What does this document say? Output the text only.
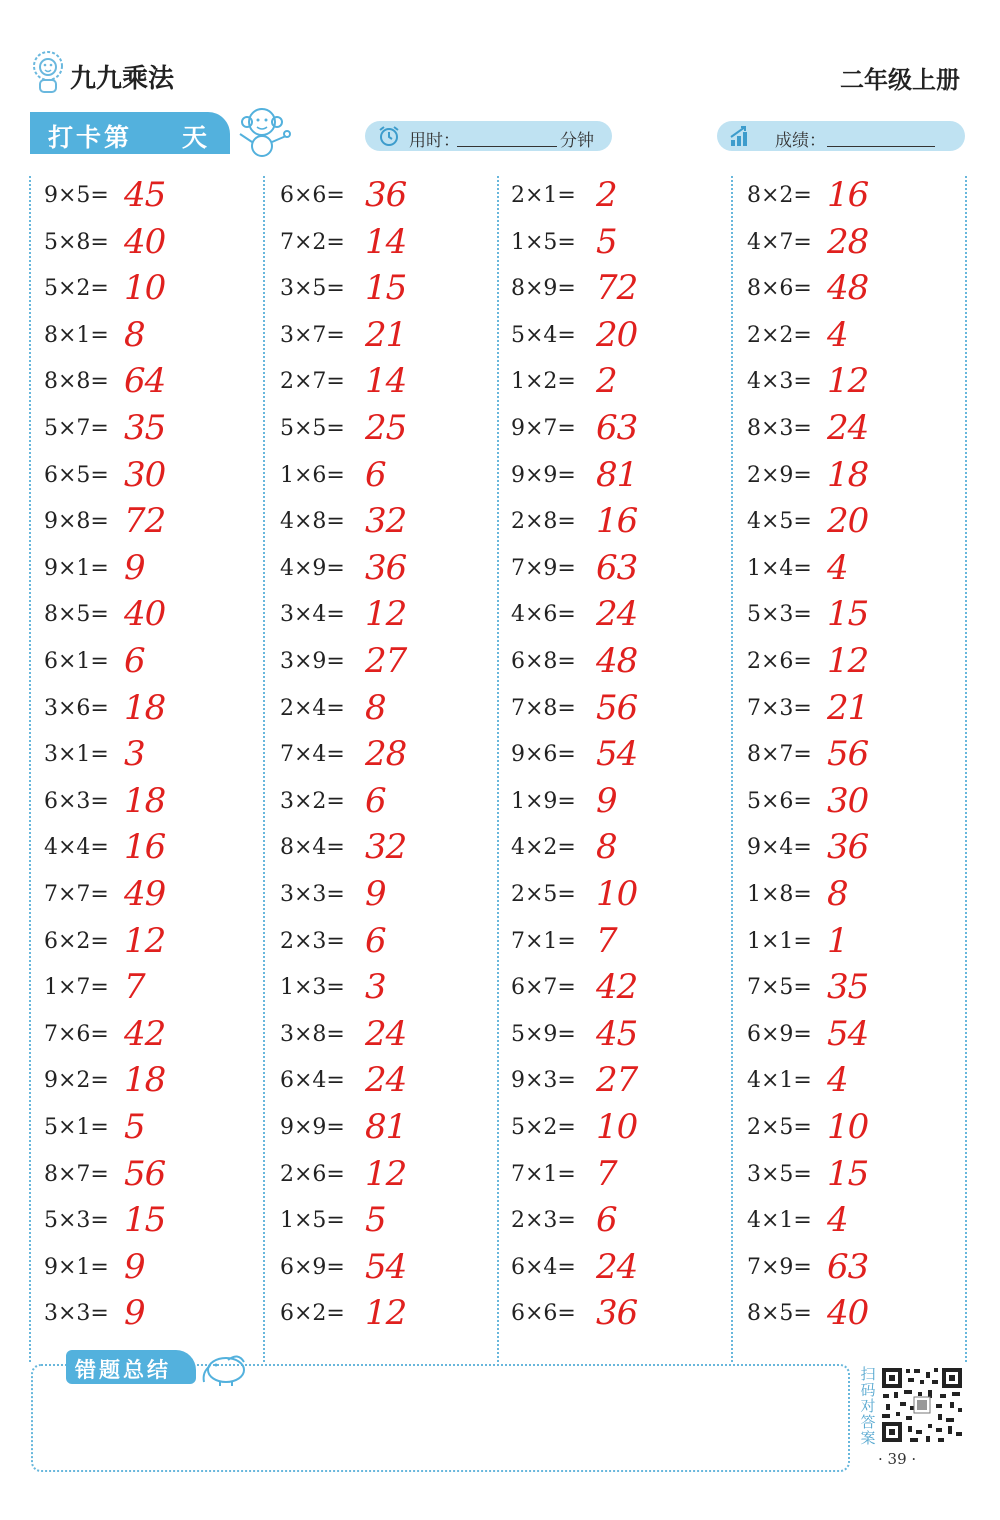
九九乘法	二年级上册
打卡第 天	用时：	分钟	成绩：
9×5= 45
5×8= 40
5×2= 10
8×1= 8
8×8= 64
5×7= 35
6×5= 30
9×8= 72
9×1= 9
8×5= 40
6×1= 6
3×6= 18
3×1= 3
6×3= 18
4×4= 16
7×7= 49
6×2= 12
1×7= 7
7×6= 42
9×2= 18
5×1= 5
8×7= 56
5×3= 15
9×1= 9
3×3= 9
6×6= 36
7×2= 14
3×5= 15
3×7= 21
2×7= 14
5×5= 25
1×6= 6
4×8= 32
4×9= 36
3×4= 12
3×9= 27
2×4= 8
7×4= 28
3×2= 6
8×4= 32
3×3= 9
2×3= 6
1×3= 3
3×8= 24
6×4= 24
9×9= 81
2×6= 12
1×5= 5
6×9= 54
6×2= 12
2×1= 2
1×5= 5
8×9= 72
5×4= 20
1×2= 2
9×7= 63
9×9= 81
2×8= 16
7×9= 63
4×6= 24
6×8= 48
7×8= 56
9×6= 54
1×9= 9
4×2= 8
2×5= 10
7×1= 7
6×7= 42
5×9= 45
9×3= 27
5×2= 10
7×1= 7
2×3= 6
6×4= 24
6×6= 36
8×2= 16
4×7= 28
8×6= 48
2×2= 4
4×3= 12
8×3= 24
2×9= 18
4×5= 20
1×4= 4
5×3= 15
2×6= 12
7×3= 21
8×7= 56
5×6= 30
9×4= 36
1×8= 8
1×1= 1
7×5= 35
6×9= 54
4×1= 4
2×5= 10
3×5= 15
4×1= 4
7×9= 63
8×5= 40
错题总结	扫码对答案
· 39 ·
